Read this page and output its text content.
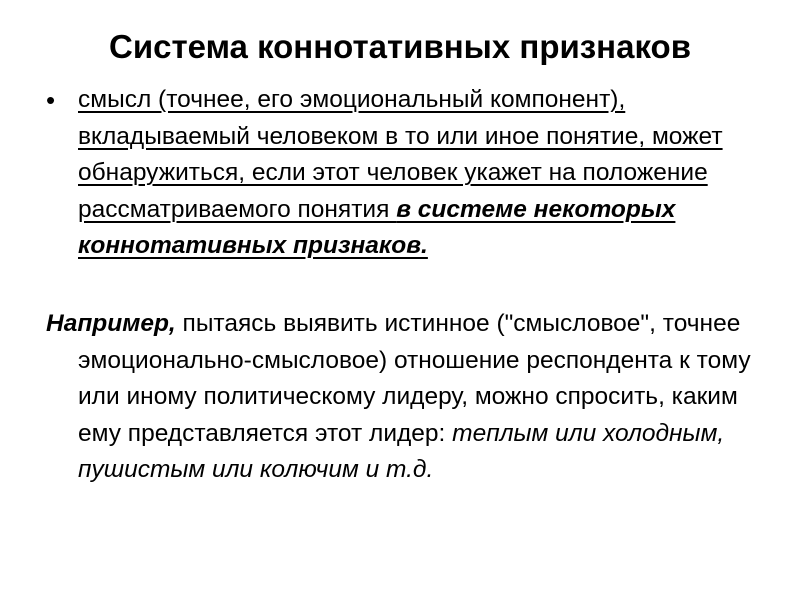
Система коннотативных признаков
• смысл (точнее, его эмоциональный компонент), вкладываемый человеком в то или иное понятие, может обнаружиться, если этот человек укажет на положение рассматриваемого понятия в системе некоторых коннотативных признаков.

Например, пытаясь выявить истинное ("смысловое", точнее эмоционально-смысловое) отношение респондента к тому или иному политическому лидеру, можно спросить, каким ему представляется этот лидер: теплым или холодным, пушистым или колючим и т.д.
